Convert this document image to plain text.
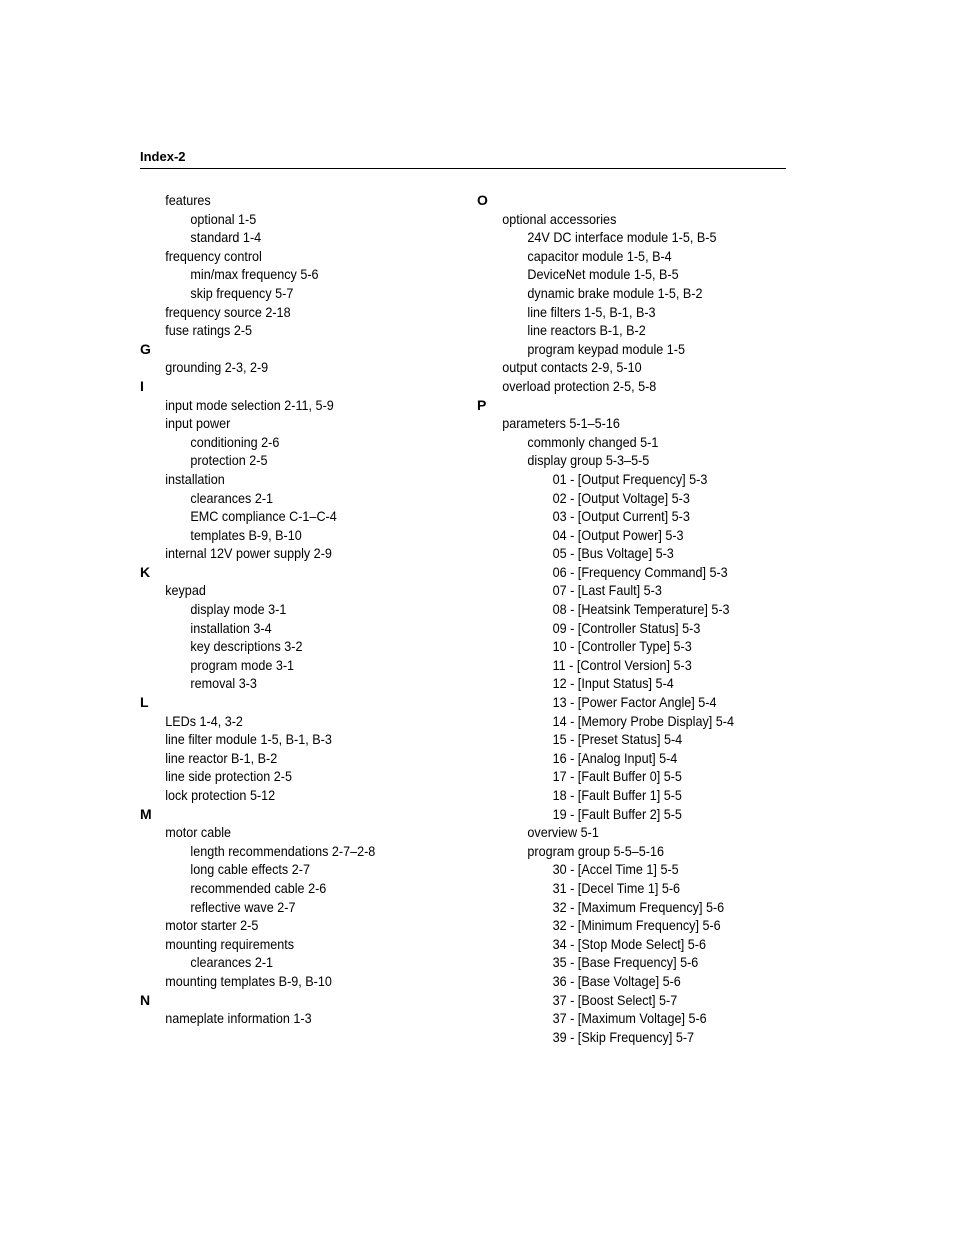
Index-2
features
optional 1-5
standard 1-4
frequency control
min/max frequency 5-6
skip frequency 5-7
frequency source 2-18
fuse ratings 2-5
G
grounding 2-3, 2-9
I
input mode selection 2-11, 5-9
input power
conditioning 2-6
protection 2-5
installation
clearances 2-1
EMC compliance C-1–C-4
templates B-9, B-10
internal 12V power supply 2-9
K
keypad
display mode 3-1
installation 3-4
key descriptions 3-2
program mode 3-1
removal 3-3
L
LEDs 1-4, 3-2
line filter module 1-5, B-1, B-3
line reactor B-1, B-2
line side protection 2-5
lock protection 5-12
M
motor cable
length recommendations 2-7–2-8
long cable effects 2-7
recommended cable 2-6
reflective wave 2-7
motor starter 2-5
mounting requirements
clearances 2-1
mounting templates B-9, B-10
N
nameplate information 1-3
O
optional accessories
24V DC interface module 1-5, B-5
capacitor module 1-5, B-4
DeviceNet module 1-5, B-5
dynamic brake module 1-5, B-2
line filters 1-5, B-1, B-3
line reactors B-1, B-2
program keypad module 1-5
output contacts 2-9, 5-10
overload protection 2-5, 5-8
P
parameters 5-1–5-16
commonly changed 5-1
display group 5-3–5-5
01 - [Output Frequency] 5-3
02 - [Output Voltage] 5-3
03 - [Output Current] 5-3
04 - [Output Power] 5-3
05 - [Bus Voltage] 5-3
06 - [Frequency Command] 5-3
07 - [Last Fault] 5-3
08 - [Heatsink Temperature] 5-3
09 - [Controller Status] 5-3
10 - [Controller Type] 5-3
11 - [Control Version] 5-3
12 - [Input Status] 5-4
13 - [Power Factor Angle] 5-4
14 - [Memory Probe Display] 5-4
15 - [Preset Status] 5-4
16 - [Analog Input] 5-4
17 - [Fault Buffer 0] 5-5
18 - [Fault Buffer 1] 5-5
19 - [Fault Buffer 2] 5-5
overview 5-1
program group 5-5–5-16
30 - [Accel Time 1] 5-5
31 - [Decel Time 1] 5-6
32 - [Maximum Frequency] 5-6
32 - [Minimum Frequency] 5-6
34 - [Stop Mode Select] 5-6
35 - [Base Frequency] 5-6
36 - [Base Voltage] 5-6
37 - [Boost Select] 5-7
37 - [Maximum Voltage] 5-6
39 - [Skip Frequency] 5-7
